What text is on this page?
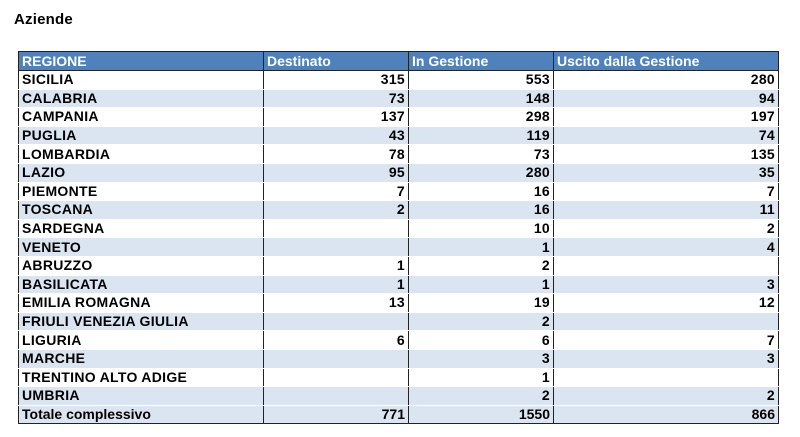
Aziende
REGIONE	Destinato	In Gestione	Uscito dalla Gestione
SICILIA	315	553	280
CALABRIA	73	148	94
CAMPANIA	137	298	197
PUGLIA	43	119	74
LOMBARDIA	78	73	135
LAZIO	95	280	35
PIEMONTE	7	16	7
TOSCANA	2	16	11
SARDEGNA		10	2
VENETO		1	4
ABRUZZO	1	2	
BASILICATA	1	1	3
EMILIA ROMAGNA	13	19	12
FRIULI VENEZIA GIULIA		2	
LIGURIA	6	6	7
MARCHE		3	3
TRENTINO ALTO ADIGE		1	
UMBRIA		2	2
Totale complessivo	771	1550	866
